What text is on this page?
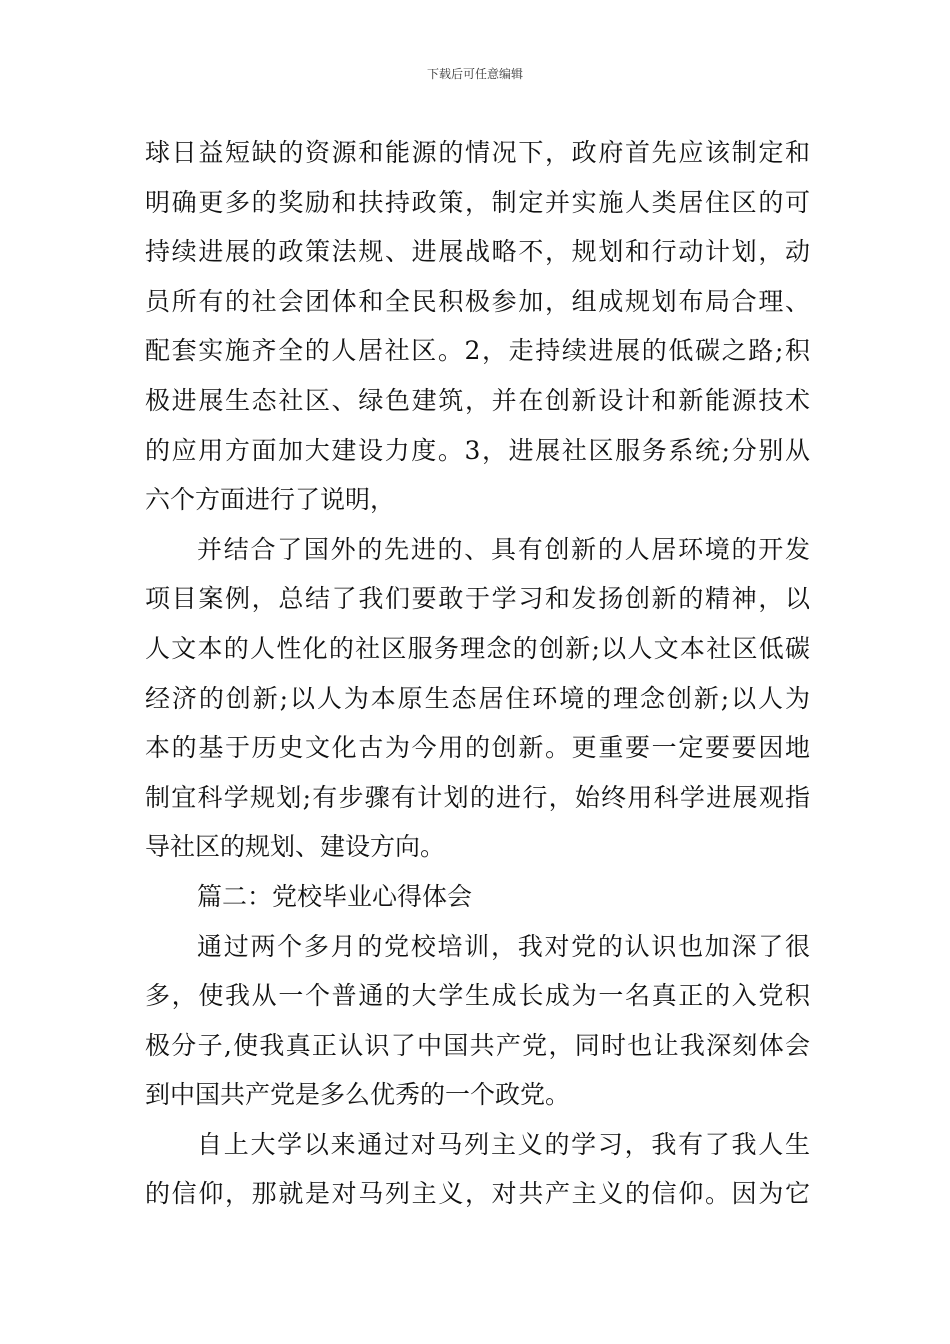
下载后可任意编辑
球日益短缺的资源和能源的情况下，政府首先应该制定和
明确更多的奖励和扶持政策，制定并实施人类居住区的可
持续进展的政策法规、进展战略不，规划和行动计划，动
员所有的社会团体和全民积极参加，组成规划布局合理、
配套实施齐全的人居社区。2，走持续进展的低碳之路;积
极进展生态社区、绿色建筑，并在创新设计和新能源技术
的应用方面加大建设力度。3，进展社区服务系统;分别从
六个方面进行了说明，
并结合了国外的先进的、具有创新的人居环境的开发
项目案例，总结了我们要敢于学习和发扬创新的精神，以
人文本的人性化的社区服务理念的创新;以人文本社区低碳
经济的创新;以人为本原生态居住环境的理念创新;以人为
本的基于历史文化古为今用的创新。更重要一定要要因地
制宜科学规划;有步骤有计划的进行，始终用科学进展观指
导社区的规划、建设方向。
篇二：党校毕业心得体会
通过两个多月的党校培训，我对党的认识也加深了很
多，使我从一个普通的大学生成长成为一名真正的入党积
极分子,使我真正认识了中国共产党，同时也让我深刻体会
到中国共产党是多么优秀的一个政党。
自上大学以来通过对马列主义的学习，我有了我人生
的信仰，那就是对马列主义，对共产主义的信仰。因为它
